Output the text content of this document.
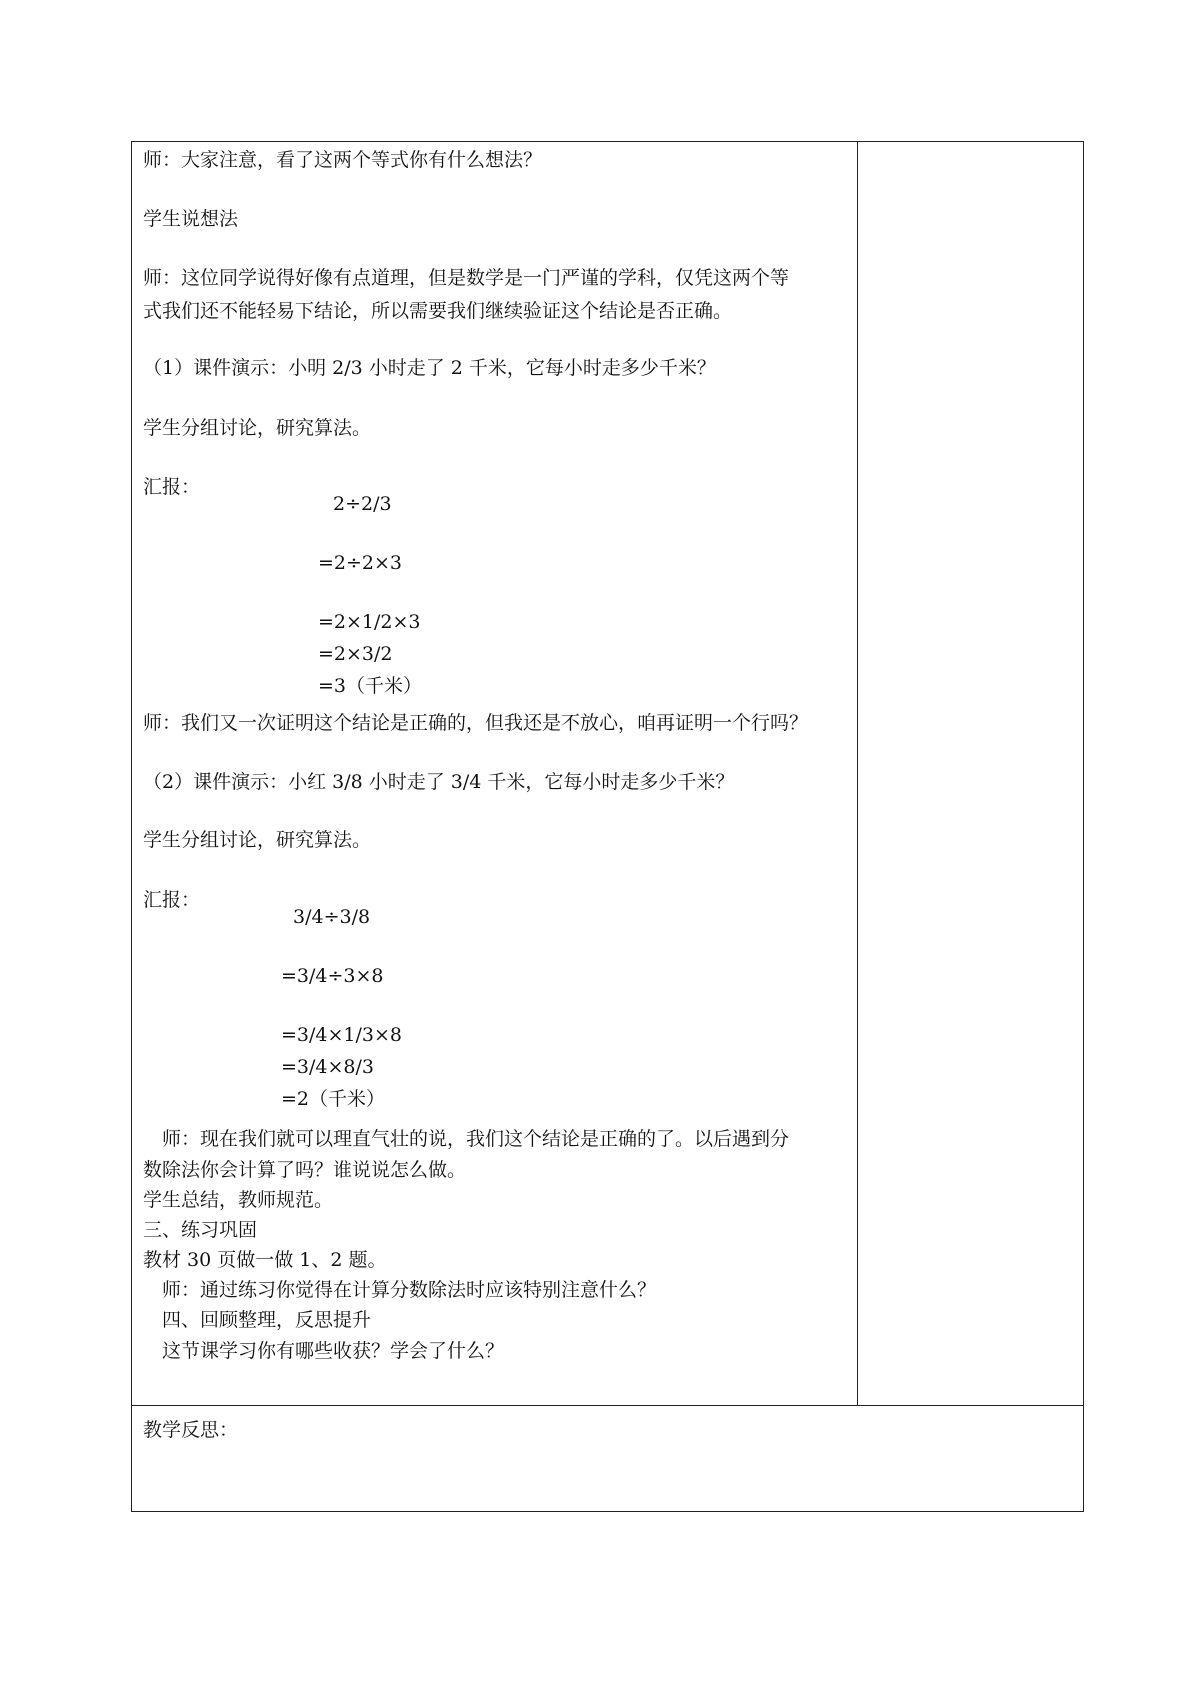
师：大家注意，看了这两个等式你有什么想法？
学生说想法
师：这位同学说得好像有点道理，但是数学是一门严谨的学科，仅凭这两个等
式我们还不能轻易下结论，所以需要我们继续验证这个结论是否正确。
（1）课件演示：小明 2/3 小时走了 2 千米，它每小时走多少千米？
学生分组讨论，研究算法。
汇报：
2÷2/3
=2÷2×3
=2×1/2×3
=2×3/2
=3（千米）
师：我们又一次证明这个结论是正确的，但我还是不放心，咱再证明一个行吗？
（2）课件演示：小红 3/8 小时走了 3/4 千米，它每小时走多少千米？
学生分组讨论，研究算法。
汇报：
3/4÷3/8
=3/4÷3×8
=3/4×1/3×8
=3/4×8/3
=2（千米）
师：现在我们就可以理直气壮的说，我们这个结论是正确的了。以后遇到分
数除法你会计算了吗？谁说说怎么做。
学生总结，教师规范。
三、练习巩固
教材 30 页做一做 1、2 题。
师：通过练习你觉得在计算分数除法时应该特别注意什么？
四、回顾整理，反思提升
这节课学习你有哪些收获？学会了什么？
教学反思：
